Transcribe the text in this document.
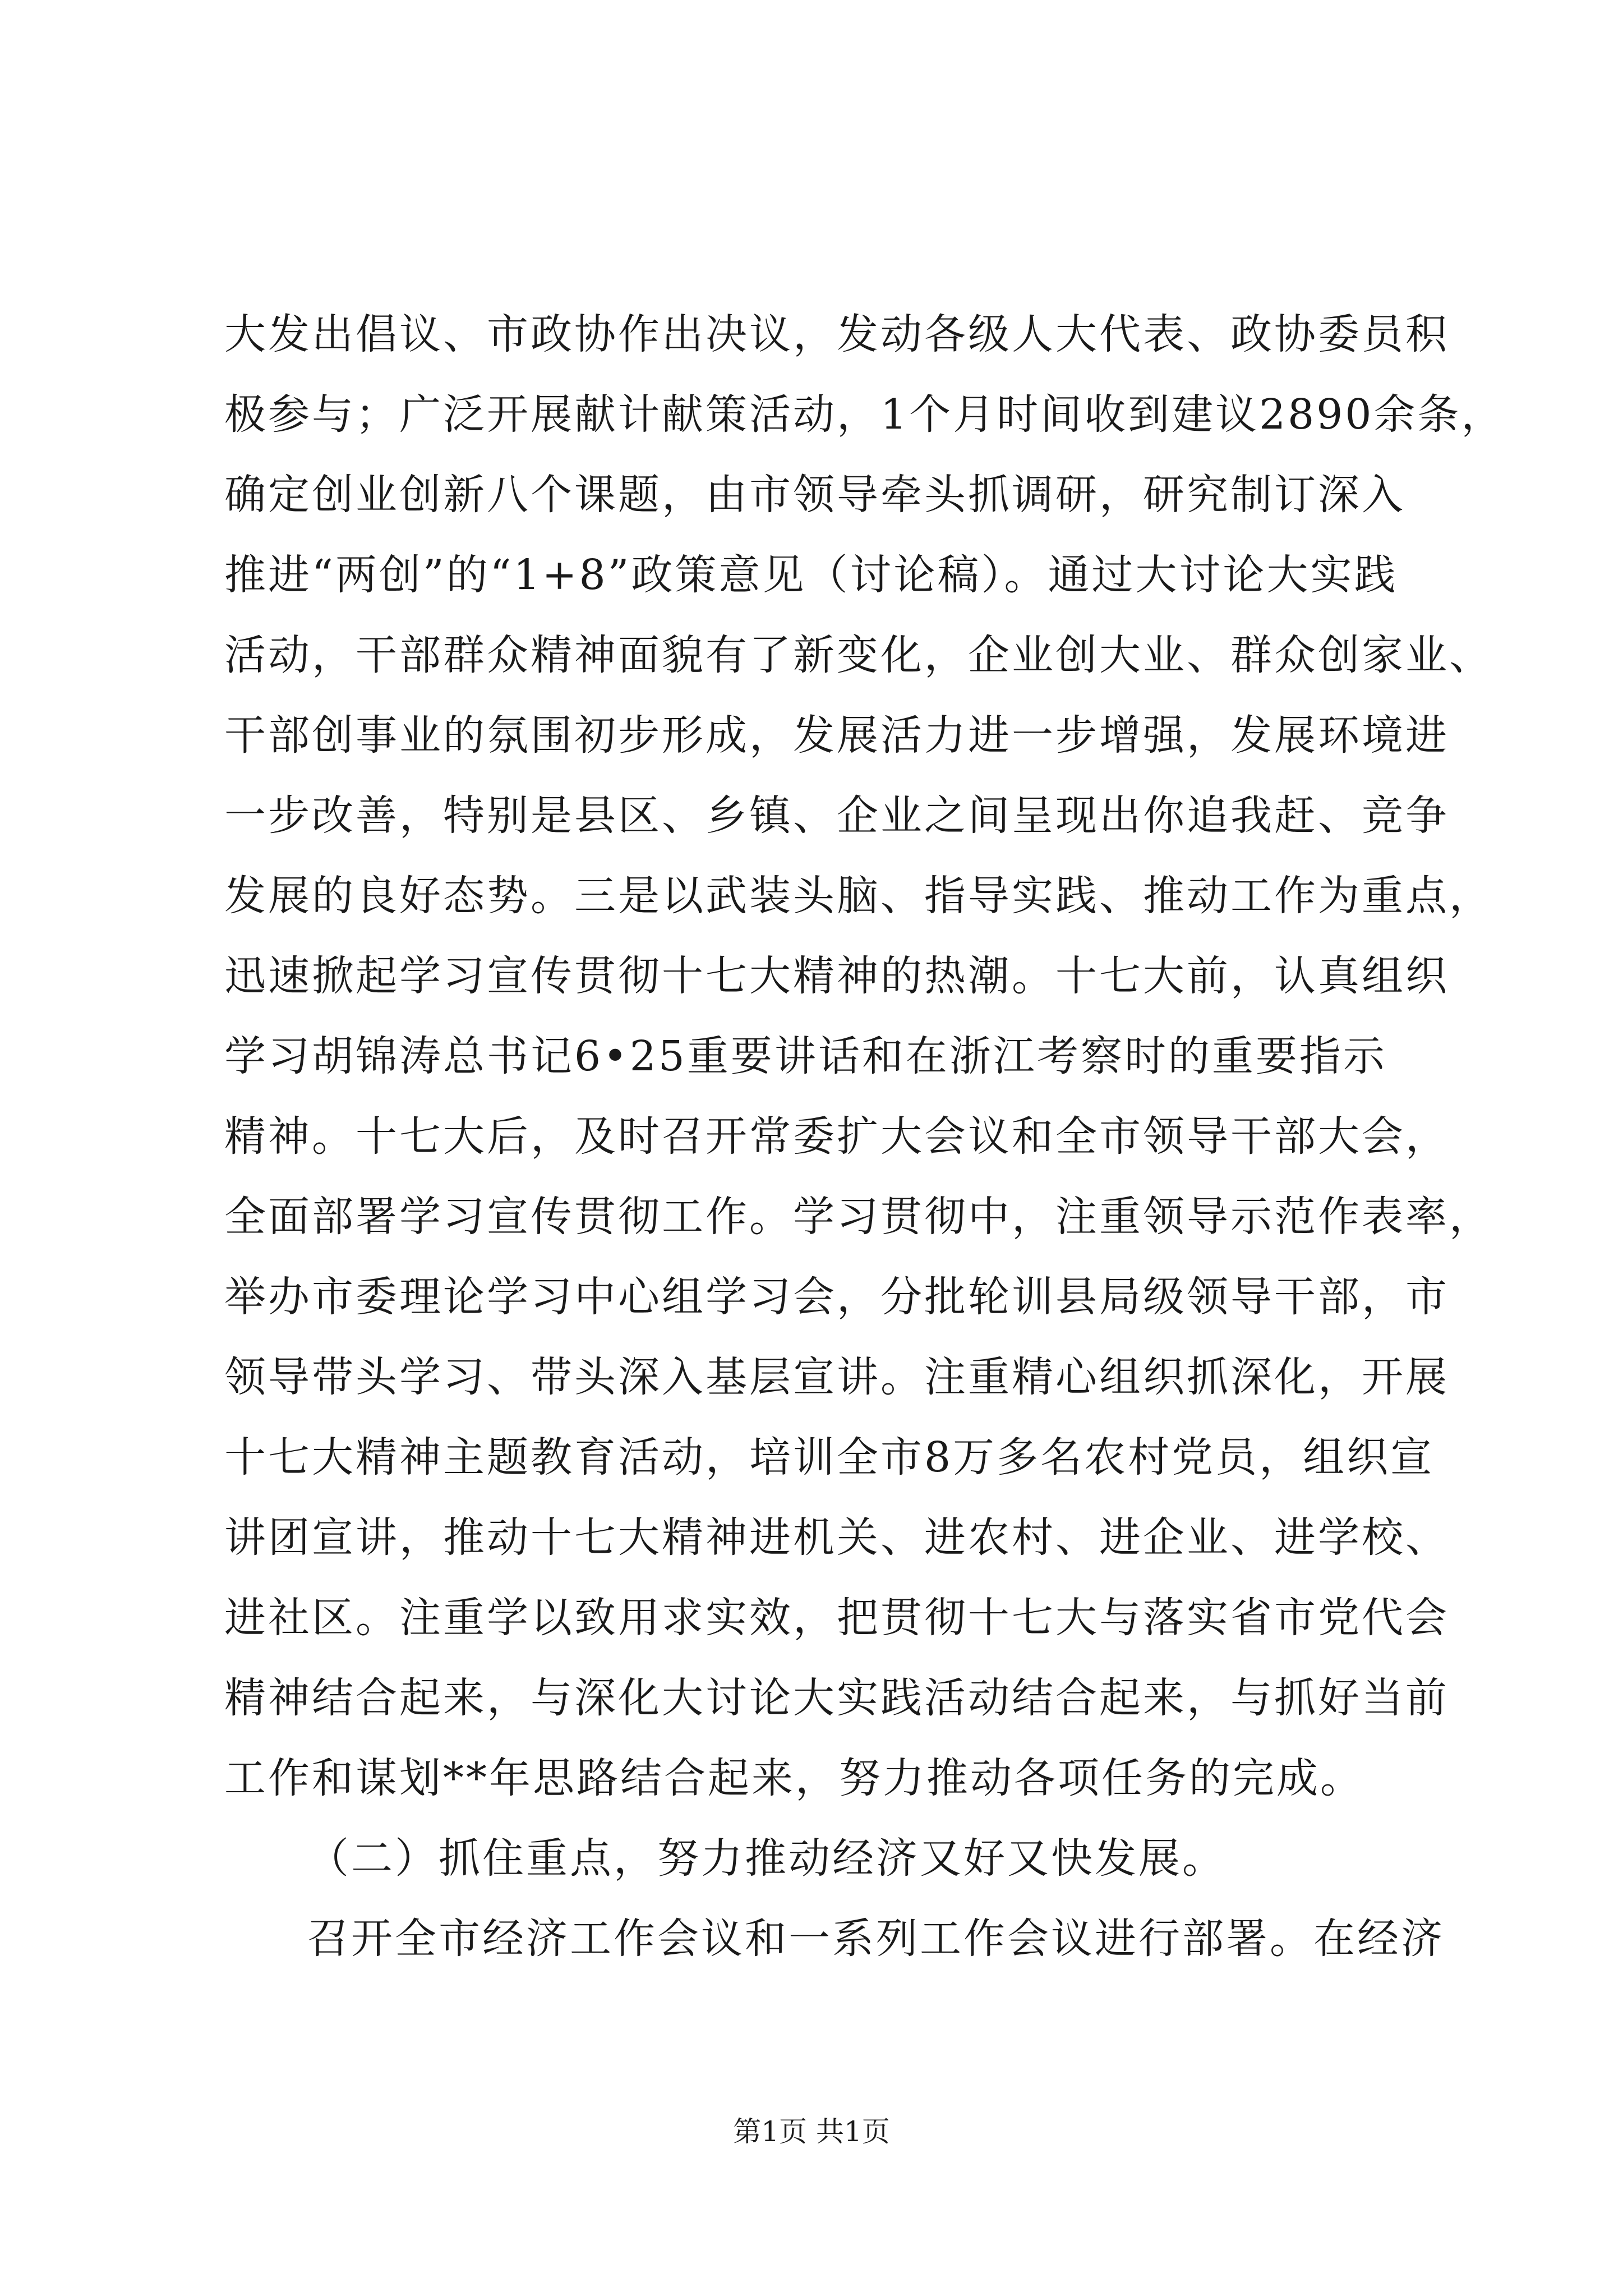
大发出倡议、市政协作出决议，发动各级人大代表、政协委员积
极参与；广泛开展献计献策活动，1个月时间收到建议2890余条，
确定创业创新八个课题，由市领导牵头抓调研，研究制订深入
推进“两创”的“1+8”政策意见（讨论稿）。通过大讨论大实践
活动，干部群众精神面貌有了新变化，企业创大业、群众创家业、
干部创事业的氛围初步形成，发展活力进一步增强，发展环境进
一步改善，特别是县区、乡镇、企业之间呈现出你追我赶、竞争
发展的良好态势。三是以武装头脑、指导实践、推动工作为重点，
迅速掀起学习宣传贯彻十七大精神的热潮。十七大前，认真组织
学习胡锦涛总书记6•25重要讲话和在浙江考察时的重要指示
精神。十七大后，及时召开常委扩大会议和全市领导干部大会，
全面部署学习宣传贯彻工作。学习贯彻中，注重领导示范作表率，
举办市委理论学习中心组学习会，分批轮训县局级领导干部，市
领导带头学习、带头深入基层宣讲。注重精心组织抓深化，开展
十七大精神主题教育活动，培训全市8万多名农村党员，组织宣
讲团宣讲，推动十七大精神进机关、进农村、进企业、进学校、
进社区。注重学以致用求实效，把贯彻十七大与落实省市党代会
精神结合起来，与深化大讨论大实践活动结合起来，与抓好当前
工作和谋划**年思路结合起来，努力推动各项任务的完成。
（二）抓住重点，努力推动经济又好又快发展。
召开全市经济工作会议和一系列工作会议进行部署。在经济
第1页 共1页
